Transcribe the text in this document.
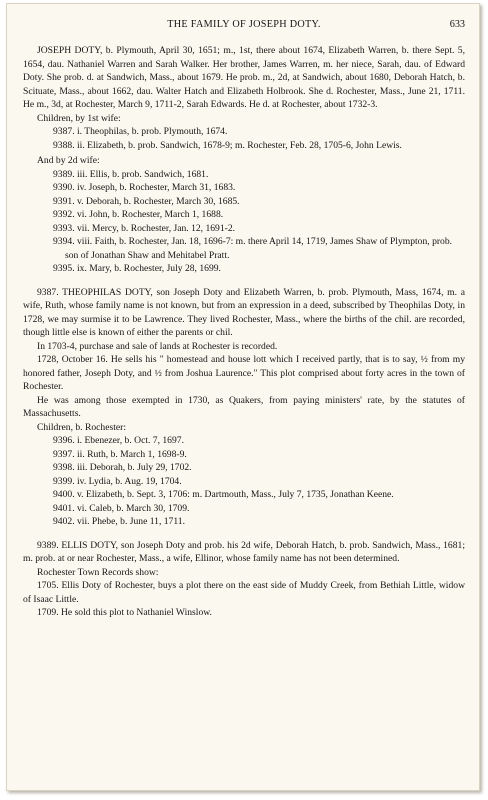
THE FAMILY OF JOSEPH DOTY.	633

JOSEPH DOTY, b. Plymouth, April 30, 1651; m., 1st, there about 1674, Elizabeth Warren, b. there Sept. 5, 1654, dau. Nathaniel Warren and Sarah Walker. Her brother, James Warren, m. her niece, Sarah, dau. of Edward Doty. She prob. d. at Sandwich, Mass., about 1679. He prob. m., 2d, at Sandwich, about 1680, Deborah Hatch, b. Scituate, Mass., about 1662, dau. Walter Hatch and Elizabeth Holbrook. She d. Rochester, Mass., June 21, 1711. He m., 3d, at Rochester, March 9, 1711-2, Sarah Edwards. He d. at Rochester, about 1732-3.

Children, by 1st wife:

9387. i. Theophilas, b. prob. Plymouth, 1674.
9388. ii. Elizabeth, b. prob. Sandwich, 1678-9; m. Rochester, Feb. 28, 1705-6, John Lewis.

And by 2d wife:

9389. iii. Ellis, b. prob. Sandwich, 1681.
9390. iv. Joseph, b. Rochester, March 31, 1683.
9391. v. Deborah, b. Rochester, March 30, 1685.
9392. vi. John, b. Rochester, March 1, 1688.
9393. vii. Mercy, b. Rochester, Jan. 12, 1691-2.
9394. viii. Faith, b. Rochester, Jan. 18, 1696-7: m. there April 14, 1719, James Shaw of Plympton, prob. son of Jonathan Shaw and Mehitabel Pratt.
9395. ix. Mary, b. Rochester, July 28, 1699.

9387. THEOPHILAS DOTY, son Joseph Doty and Elizabeth Warren, b. prob. Plymouth, Mass, 1674, m. a wife, Ruth, whose family name is not known, but from an expression in a deed, subscribed by Theophilas Doty, in 1728, we may surmise it to be Lawrence. They lived Rochester, Mass., where the births of the chil. are recorded, though little else is known of either the parents or chil.

In 1703-4, purchase and sale of lands at Rochester is recorded.

1728, October 16. He sells his " homestead and house lott which I received partly, that is to say, ½ from my honored father, Joseph Doty, and ½ from Joshua Laurence." This plot comprised about forty acres in the town of Rochester.

He was among those exempted in 1730, as Quakers, from paying ministers' rate, by the statutes of Massachusetts.

Children, b. Rochester:

9396. i. Ebenezer, b. Oct. 7, 1697.
9397. ii. Ruth, b. March 1, 1698-9.
9398. iii. Deborah, b. July 29, 1702.
9399. iv. Lydia, b. Aug. 19, 1704.
9400. v. Elizabeth, b. Sept. 3, 1706: m. Dartmouth, Mass., July 7, 1735, Jonathan Keene.
9401. vi. Caleb, b. March 30, 1709.
9402. vii. Phebe, b. June 11, 1711.

9389. ELLIS DOTY, son Joseph Doty and prob. his 2d wife, Deborah Hatch, b. prob. Sandwich, Mass., 1681; m. prob. at or near Rochester, Mass., a wife, Ellinor, whose family name has not been determined.

Rochester Town Records show:

1705. Ellis Doty of Rochester, buys a plot there on the east side of Muddy Creek, from Bethiah Little, widow of Isaac Little.

1709. He sold this plot to Nathaniel Winslow.
